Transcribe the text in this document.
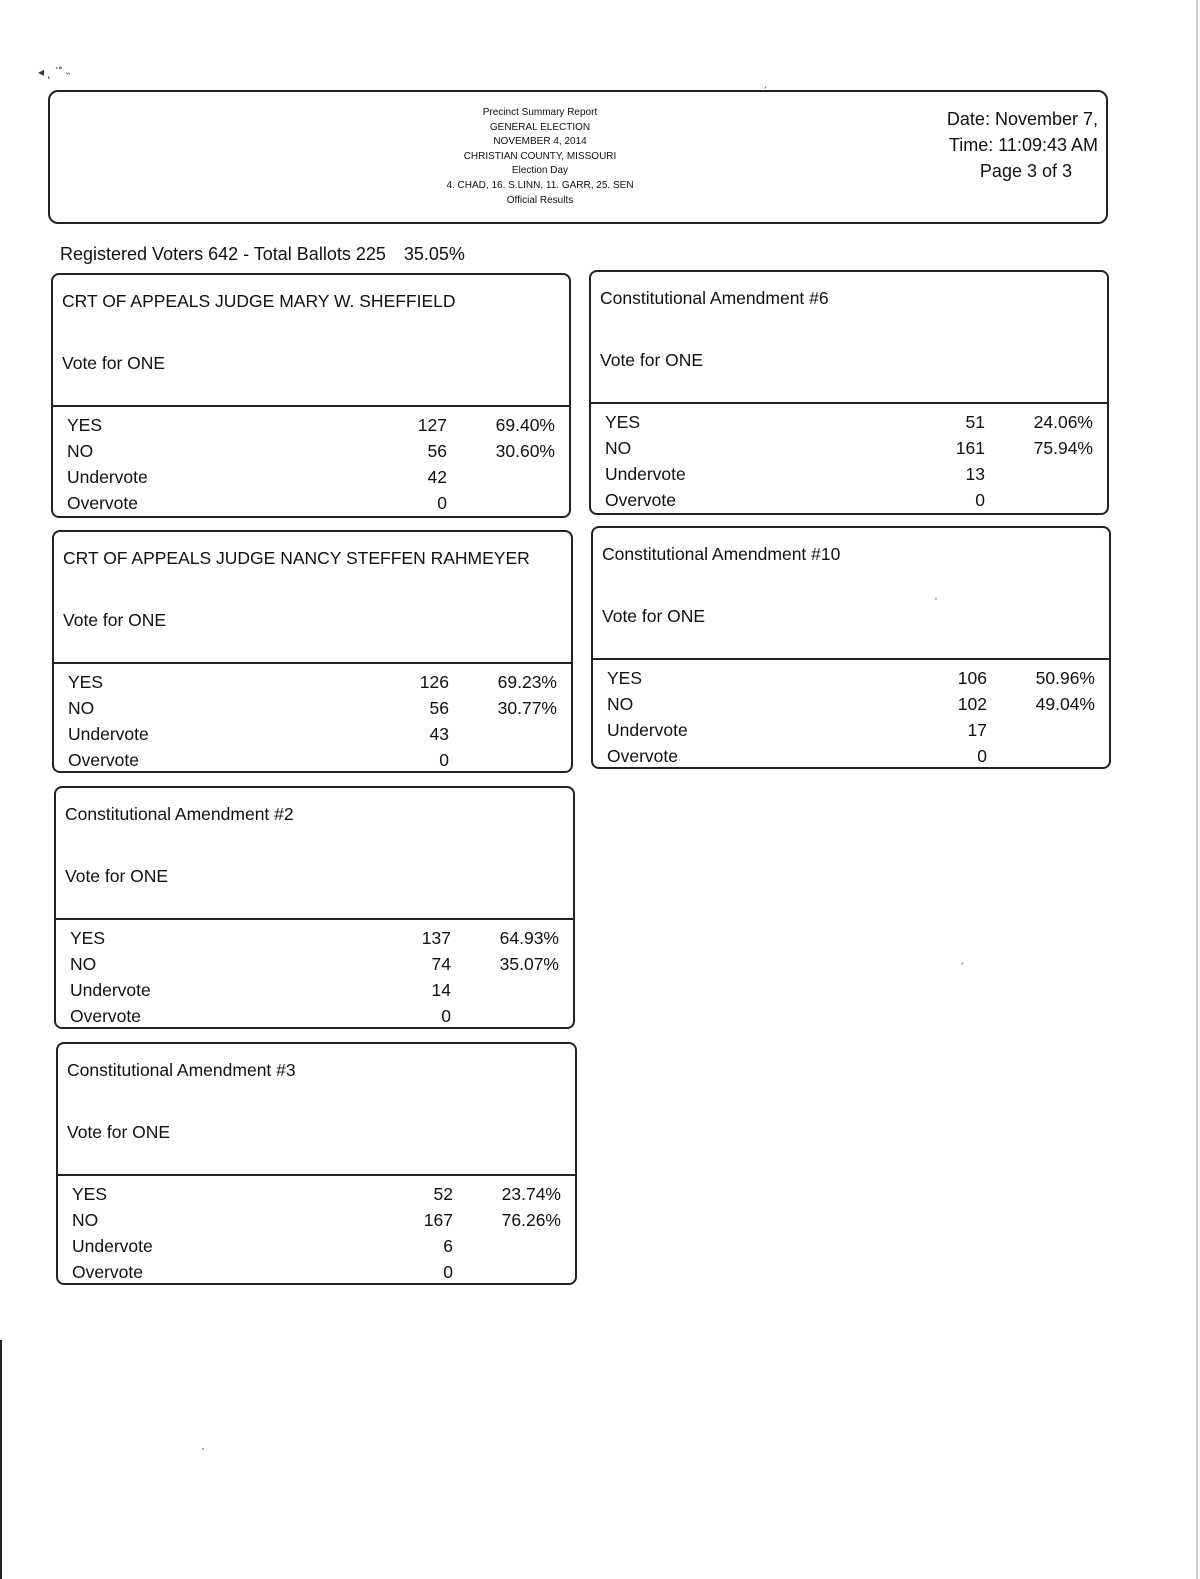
◂ ˛ ˋ˚ ˵
ˏ
·
ˏ
·
Precinct Summary Report
GENERAL ELECTION
NOVEMBER 4, 2014
CHRISTIAN COUNTY, MISSOURI
Election Day
4. CHAD, 16. S.LINN, 11. GARR, 25. SEN
Official Results
Date: November 7,
Time: 11:09:43 AM
Page 3 of 3
Registered Voters 642 - Total Ballots 225 35.05%
CRT OF APPEALS JUDGE MARY W. SHEFFIELD
Vote for ONE
YES	127	69.40%
NO	56	30.60%
Undervote	42
Overvote	0
Constitutional Amendment #6
Vote for ONE
YES	51	24.06%
NO	161	75.94%
Undervote	13
Overvote	0
CRT OF APPEALS JUDGE NANCY STEFFEN RAHMEYER
Vote for ONE
YES	126	69.23%
NO	56	30.77%
Undervote	43
Overvote	0
Constitutional Amendment #10
Vote for ONE
YES	106	50.96%
NO	102	49.04%
Undervote	17
Overvote	0
Constitutional Amendment #2
Vote for ONE
YES	137	64.93%
NO	74	35.07%
Undervote	14
Overvote	0
Constitutional Amendment #3
Vote for ONE
YES	52	23.74%
NO	167	76.26%
Undervote	6
Overvote	0
